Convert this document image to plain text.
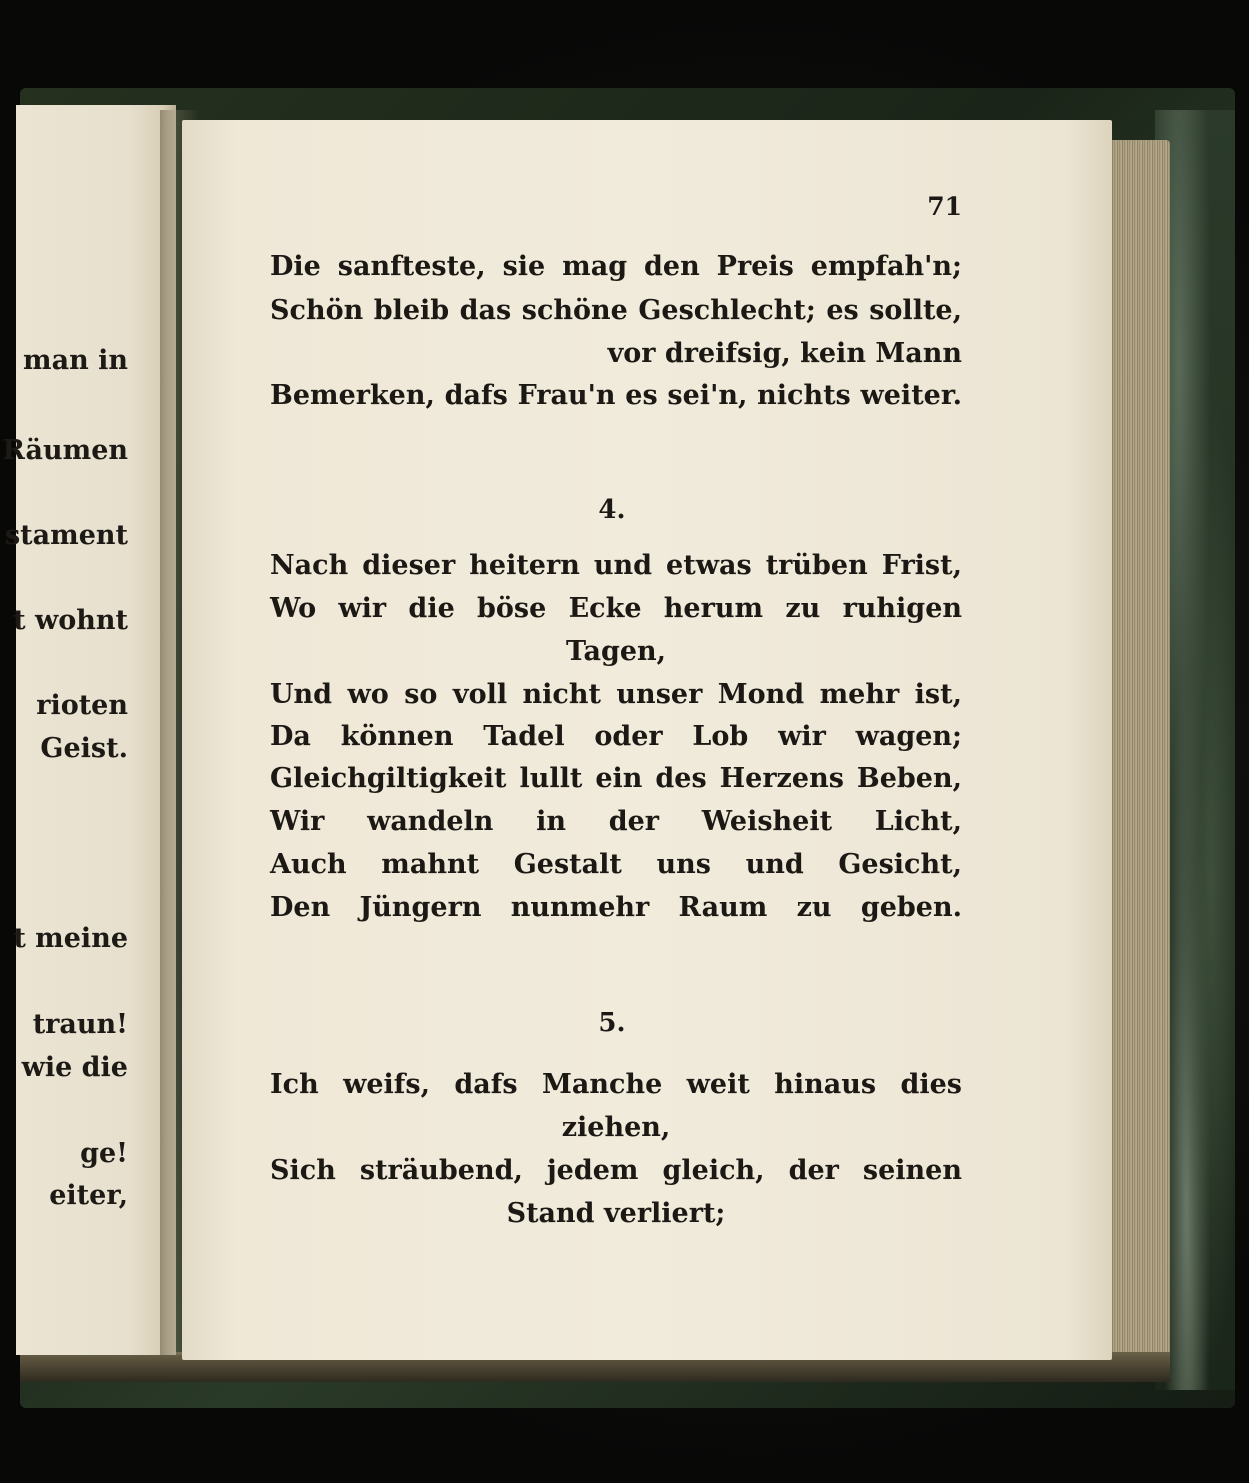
man in
Räumen
stament
t wohnt
rioten
Geist.
t meine
traun!
wie die
ge!
eiter,
71
Die sanfteste, sie mag den Preis empfah'n;
Schön bleib das schöne Geschlecht; es sollte,
vor dreifsig, kein Mann
Bemerken, dafs Frau'n es sei'n, nichts weiter.
4.
Nach dieser heitern und etwas trüben Frist,
Wo wir die böse Ecke herum zu ruhigen
Tagen,
Und wo so voll nicht unser Mond mehr ist,
Da können Tadel oder Lob wir wagen;
Gleichgiltigkeit lullt ein des Herzens Beben,
Wir wandeln in der Weisheit Licht,
Auch mahnt Gestalt uns und Gesicht,
Den Jüngern nunmehr Raum zu geben.
5.
Ich weifs, dafs Manche weit hinaus dies
ziehen,
Sich sträubend, jedem gleich, der seinen
Stand verliert;
